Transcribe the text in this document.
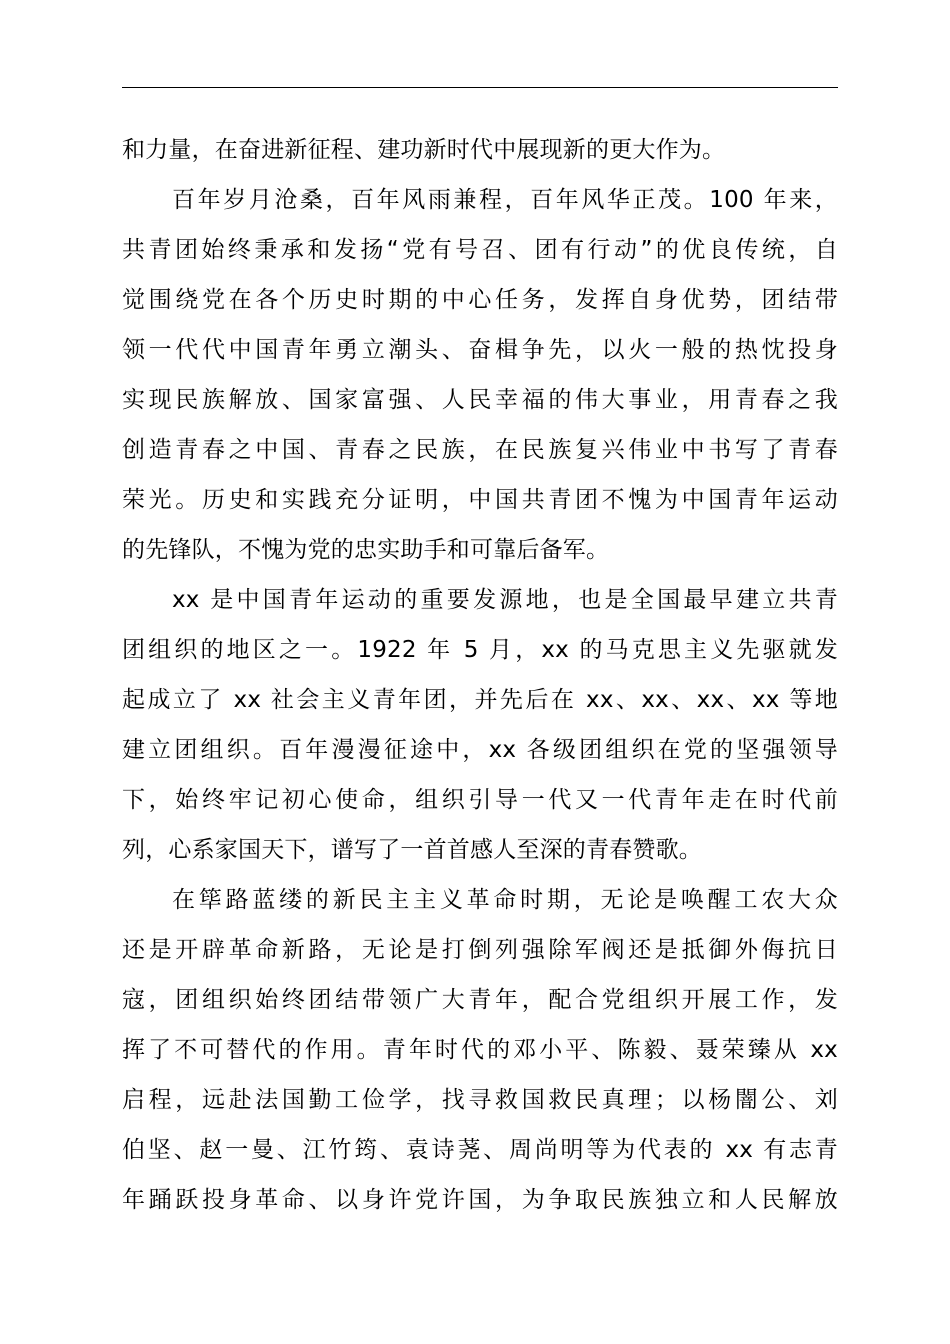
和力量，在奋进新征程、建功新时代中展现新的更大作为。
百年岁月沧桑，百年风雨兼程，百年风华正茂。100 年来，
共青团始终秉承和发扬“党有号召、团有行动”的优良传统，自
觉围绕党在各个历史时期的中心任务，发挥自身优势，团结带
领一代代中国青年勇立潮头、奋楫争先，以火一般的热忱投身
实现民族解放、国家富强、人民幸福的伟大事业，用青春之我
创造青春之中国、青春之民族，在民族复兴伟业中书写了青春
荣光。历史和实践充分证明，中国共青团不愧为中国青年运动
的先锋队，不愧为党的忠实助手和可靠后备军。
xx 是中国青年运动的重要发源地，也是全国最早建立共青
团组织的地区之一。1922 年 5 月，xx 的马克思主义先驱就发
起成立了 xx 社会主义青年团，并先后在 xx、xx、xx、xx 等地
建立团组织。百年漫漫征途中，xx 各级团组织在党的坚强领导
下，始终牢记初心使命，组织引导一代又一代青年走在时代前
列，心系家国天下，谱写了一首首感人至深的青春赞歌。
在筚路蓝缕的新民主主义革命时期，无论是唤醒工农大众
还是开辟革命新路，无论是打倒列强除军阀还是抵御外侮抗日
寇，团组织始终团结带领广大青年，配合党组织开展工作，发
挥了不可替代的作用。青年时代的邓小平、陈毅、聂荣臻从 xx
启程，远赴法国勤工俭学，找寻救国救民真理；以杨闇公、刘
伯坚、赵一曼、江竹筠、袁诗荛、周尚明等为代表的 xx 有志青
年踊跃投身革命、以身许党许国，为争取民族独立和人民解放
